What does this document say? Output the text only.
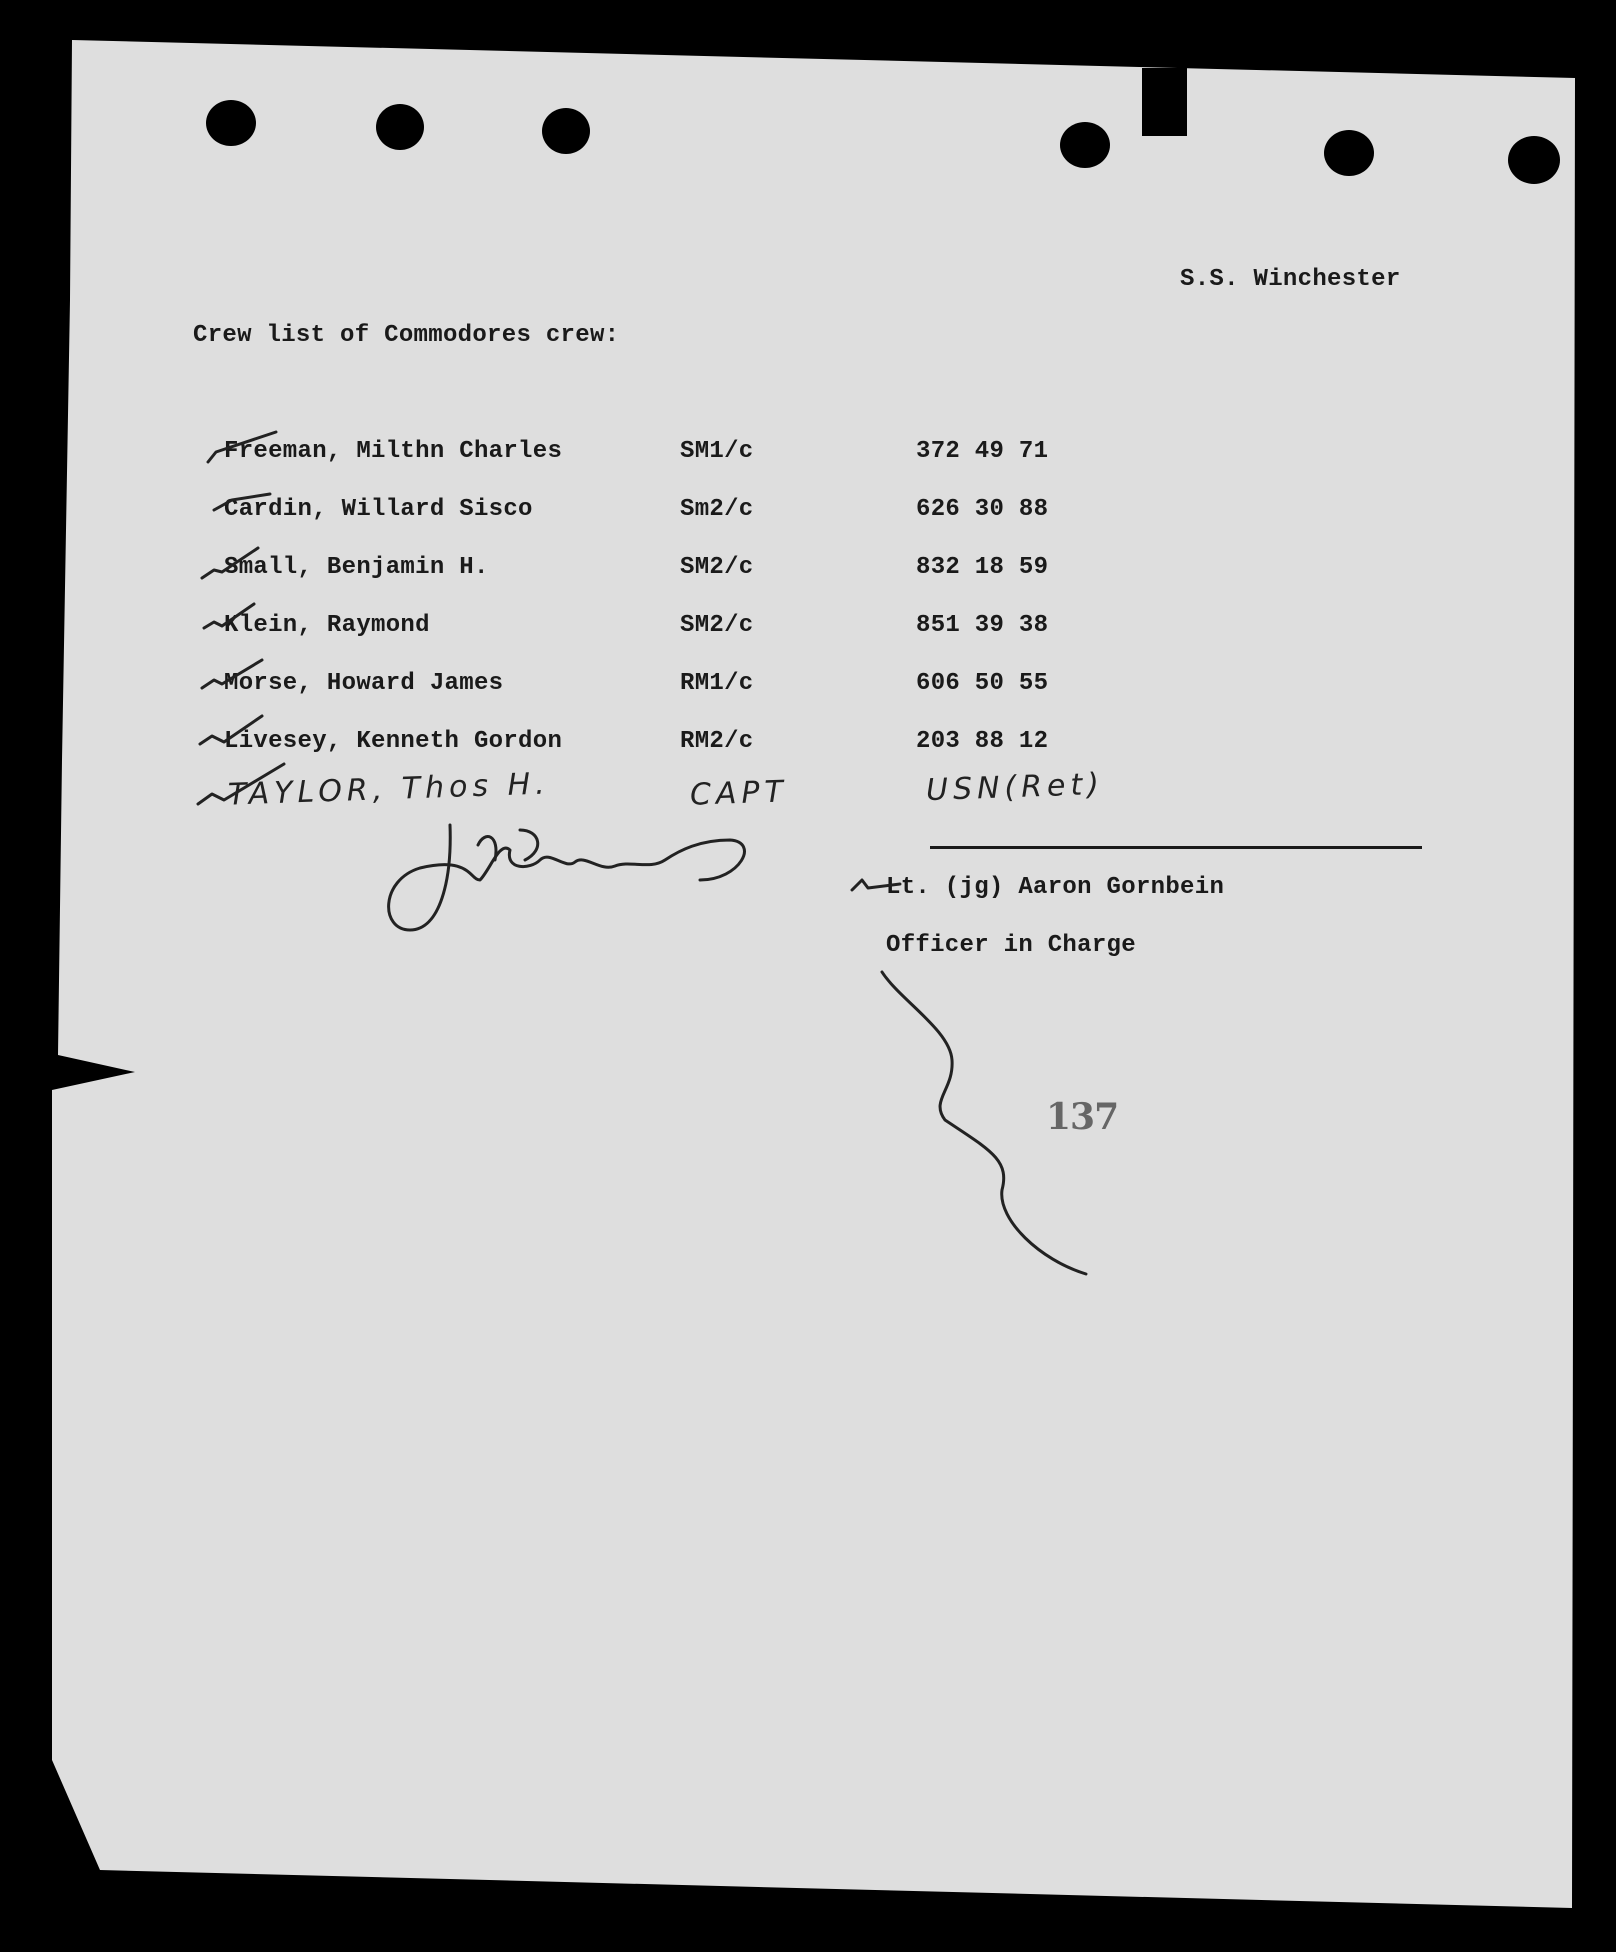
S.S. Winchester
Crew list of Commodores crew:
Freeman, Milthn Charles	SM1/c	372 49 71
Cardin, Willard Sisco	Sm2/c	626 30 88
Small, Benjamin H.	SM2/c	832 18 59
Klein, Raymond	SM2/c	851 39 38
Morse, Howard James	RM1/c	606 50 55
Livesey, Kenneth Gordon	RM2/c	203 88 12
TAYLOR, Thos H.	CAPT	USN(Ret)
Lt. (jg) Aaron Gornbein
Officer in Charge
137
